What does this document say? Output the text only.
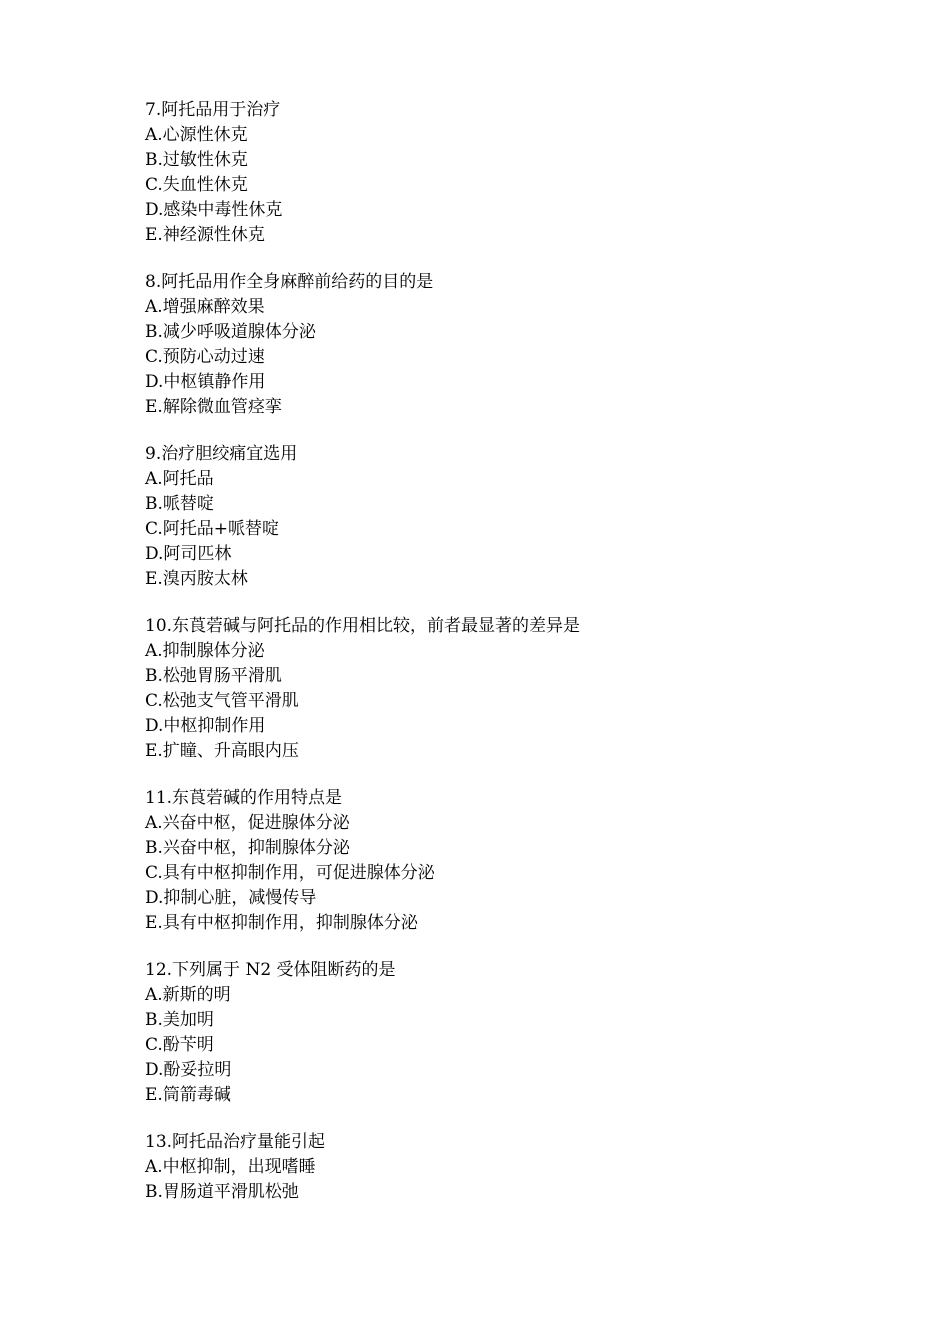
7.阿托品用于治疗
A.心源性休克
B.过敏性休克
C.失血性休克
D.感染中毒性休克
E.神经源性休克
8.阿托品用作全身麻醉前给药的目的是
A.增强麻醉效果
B.减少呼吸道腺体分泌
C.预防心动过速
D.中枢镇静作用
E.解除微血管痉挛
9.治疗胆绞痛宜选用
A.阿托品
B.哌替啶
C.阿托品+哌替啶
D.阿司匹林
E.溴丙胺太林
10.东莨菪碱与阿托品的作用相比较，前者最显著的差异是
A.抑制腺体分泌
B.松弛胃肠平滑肌
C.松弛支气管平滑肌
D.中枢抑制作用
E.扩瞳、升高眼内压
11.东莨菪碱的作用特点是
A.兴奋中枢，促进腺体分泌
B.兴奋中枢，抑制腺体分泌
C.具有中枢抑制作用，可促进腺体分泌
D.抑制心脏，减慢传导
E.具有中枢抑制作用，抑制腺体分泌
12.下列属于 N2 受体阻断药的是
A.新斯的明
B.美加明
C.酚苄明
D.酚妥拉明
E.筒箭毒碱
13.阿托品治疗量能引起
A.中枢抑制，出现嗜睡
B.胃肠道平滑肌松弛
